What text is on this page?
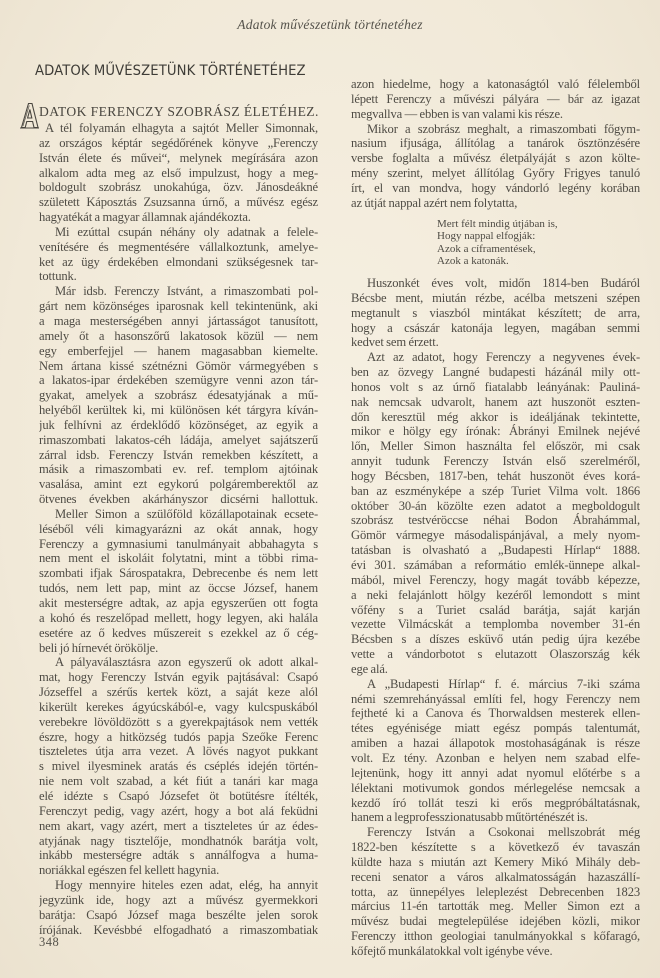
Adatok művészetünk történetéhez
ADATOK MŰVÉSZETÜNK TÖRTÉNETÉHEZ
DATOK FERENCZY SZOBRÁSZ ÉLETÉHEZ.
A tél folyamán elhagyta a sajtót Meller Simonnak,
az országos képtár segédőrének könyve „Ferenczy
István élete és művei“, melynek megírására azon
alkalom adta meg az első impulzust, hogy a meg-
boldogult szobrász unokahúga, özv. Jánosdeákné
született Káposztás Zsuzsanna úrnő, a művész egész
hagyatékát a magyar államnak ajándékozta.
Mi ezúttal csupán néhány oly adatnak a felele-
venítésére és megmentésére vállalkoztunk, amelye-
ket az ügy érdekében elmondani szükségesnek tar-
tottunk.
Már idsb. Ferenczy Istvánt, a rimaszombati pol-
gárt nem közönséges iparosnak kell tekintenünk, aki
a maga mesterségében annyi jártasságot tanusított,
amely őt a hasonszőrű lakatosok közül — nem
egy emberfejjel — hanem magasabban kiemelte.
Nem ártana kissé szétnézni Gömör vármegyében s
a lakatos-ipar érdekében szemügyre venni azon tár-
gyakat, amelyek a szobrász édesatyjának a mű-
helyéből kerültek ki, mi különösen két tárgyra kíván-
juk felhívni az érdeklődő közönséget, az egyik a
rimaszombati lakatos-céh ládája, amelyet sajátszerű
zárral idsb. Ferenczy István remekben készített, a
másik a rimaszombati ev. ref. templom ajtóinak
vasalása, amint ezt egykorú polgáremberektől az
ötvenes években akárhányszor dicsérni hallottuk.
Meller Simon a szülőföld közállapotainak ecsete-
léséből véli kimagyarázni az okát annak, hogy
Ferenczy a gymnasiumi tanulmányait abbahagyta s
nem ment el iskoláit folytatni, mint a többi rima-
szombati ifjak Sárospatakra, Debrecenbe és nem lett
tudós, nem lett pap, mint az öccse József, hanem
akit mesterségre adtak, az apja egyszerűen ott fogta
a kohó és reszelőpad mellett, hogy legyen, aki halála
esetére az ő kedves műszereit s ezekkel az ő cég-
beli jó hírnevét örökölje.
A pályaválasztásra azon egyszerű ok adott alkal-
mat, hogy Ferenczy István egyik pajtásával: Csapó
Józseffel a szérűs kertek közt, a saját keze alól
kikerült kerekes ágyúcskából-e, vagy kulcspuskából
verebekre lövöldözött s a gyerekpajtások nem vették
észre, hogy a hitközség tudós papja Szeőke Ferenc
tiszteletes útja arra vezet. A lövés nagyot pukkant
s mivel ilyesminek aratás és cséplés idején történ-
nie nem volt szabad, a két fiút a tanári kar maga
elé idézte s Csapó Józsefet öt botütésre ítélték,
Ferenczyt pedig, vagy azért, hogy a bot alá feküdni
nem akart, vagy azért, mert a tiszteletes úr az édes-
atyjának nagy tisztelője, mondhatnók barátja volt,
inkább mesterségre adták s annálfogva a huma-
noriákkal egészen fel kellett hagynia.
Hogy mennyire hiteles ezen adat, elég, ha annyit
jegyzünk ide, hogy azt a művész gyermekkori
barátja: Csapó József maga beszélte jelen sorok
írójának. Kevésbbé elfogadható a rimaszombatiak
azon hiedelme, hogy a katonaságtól való félelemből
lépett Ferenczy a művészi pályára — bár az igazat
megvallva — ebben is van valami kis része.
Mikor a szobrász meghalt, a rimaszombati főgym-
nasium ifjusága, állítólag a tanárok ösztönzésére
versbe foglalta a művész életpályáját s azon költe-
mény szerint, melyet állítólag Győry Frigyes tanuló
írt, el van mondva, hogy vándorló legény korában
az útját nappal azért nem folytatta,
Mert félt mindig útjában is,
Hogy nappal elfogják:
Azok a cíframentések,
Azok a katonák.
Huszonkét éves volt, midőn 1814-ben Budáról
Bécsbe ment, miután rézbe, acélba metszeni szépen
megtanult s viaszból mintákat készített; de arra,
hogy a császár katonája legyen, magában semmi
kedvet sem érzett.
Azt az adatot, hogy Ferenczy a negyvenes évek-
ben az özvegy Langné budapesti házánál mily ott-
honos volt s az úrnő fiatalabb leányának: Pauliná-
nak nemcsak udvarolt, hanem azt huszonöt eszten-
dőn keresztül még akkor is ideáljának tekintette,
mikor e hölgy egy írónak: Ábrányi Emilnek nejévé
lőn, Meller Simon használta fel először, mi csak
annyit tudunk Ferenczy István első szerelméről,
hogy Bécsben, 1817-ben, tehát huszonöt éves korá-
ban az eszményképe a szép Turiet Vilma volt. 1866
október 30-án közölte ezen adatot a megboldogult
szobrász testvéröccse néhai Bodon Ábrahámmal,
Gömör vármegye másodalispánjával, a mely nyom-
tatásban is olvasható a „Budapesti Hírlap“ 1888.
évi 301. számában a reformátio emlék-ünnepe alkal-
mából, mivel Ferenczy, hogy magát tovább képezze,
a neki felajánlott hölgy kezéről lemondott s mint
vőfény s a Turiet család barátja, saját karján
vezette Vilmácskát a templomba november 31-én
Bécsben s a díszes esküvő után pedig újra kezébe
vette a vándorbotot s elutazott Olaszország kék
ege alá.
A „Budapesti Hírlap“ f. é. március 7-iki száma
némi szemrehányással említi fel, hogy Ferenczy nem
fejtheté ki a Canova és Thorwaldsen mesterek ellen-
tétes egyénisége miatt egész pompás talentumát,
amiben a hazai állapotok mostohaságának is része
volt. Ez tény. Azonban e helyen nem szabad elfe-
lejtenünk, hogy itt annyi adat nyomul előtérbe s a
lélektani motivumok gondos mérlegelése nemcsak a
kezdő író tollát teszi ki erős megpróbáltatásnak,
hanem a legprofesszionatusabb műtörténészét is.
Ferenczy István a Csokonai mellszobrát még
1822-ben készítette s a következő év tavaszán
küldte haza s miután azt Kemery Mikó Mihály deb-
receni senator a város alkalmatosságán hazaszállí-
totta, az ünnepélyes leleplezést Debrecenben 1823
március 11-én tartották meg. Meller Simon ezt a
művész budai megtelepülése idejében közli, mikor
Ferenczy itthon geologiai tanulmányokkal s kőfaragó,
kőfejtő munkálatokkal volt igénybe véve.
348
